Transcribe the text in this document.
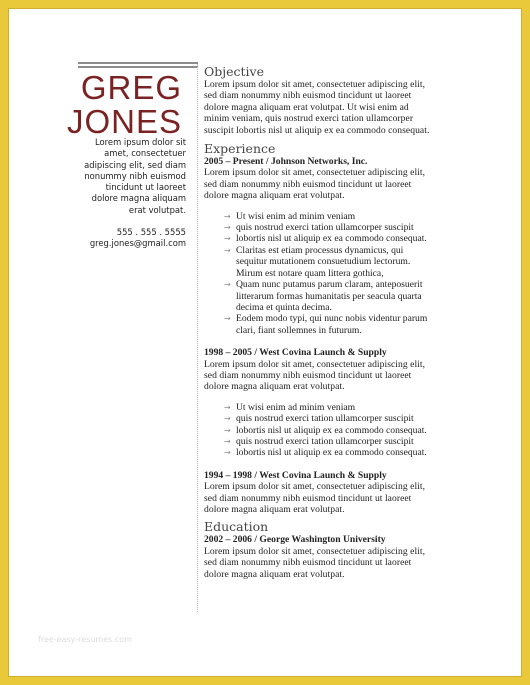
GREG
JONES
Lorem ipsum dolor sit
amet, consectetuer
adipiscing elit, sed diam
nonummy nibh euismod
tincidunt ut laoreet
dolore magna aliquam
erat volutpat.
555 . 555 . 5555
greg.jones@gmail.com

Objective

Lorem ipsum dolor sit amet, consectetuer adipiscing elit,

sed diam nonummy nibh euismod tincidunt ut laoreet

dolore magna aliquam erat volutpat. Ut wisi enim ad

minim veniam, quis nostrud exerci tation ullamcorper

suscipit lobortis nisl ut aliquip ex ea commodo consequat.

Experience

2005 – Present / Johnson Networks, Inc.

Lorem ipsum dolor sit amet, consectetuer adipiscing elit,

sed diam nonummy nibh euismod tincidunt ut laoreet

dolore magna aliquam erat volutpat.

→ Ut wisi enim ad minim veniam
→ quis nostrud exerci tation ullamcorper suscipit
→ lobortis nisl ut aliquip ex ea commodo consequat.
→ Claritas est etiam processus dynamicus, qui
sequitur mutationem consuetudium lectorum.
Mirum est notare quam littera gothica,
→ Quam nunc putamus parum claram, anteposuerit
litterarum formas humanitatis per seacula quarta
decima et quinta decima.
→ Eodem modo typi, qui nunc nobis videntur parum
clari, fiant sollemnes in futurum.

1998 – 2005 / West Covina Launch & Supply

Lorem ipsum dolor sit amet, consectetuer adipiscing elit,

sed diam nonummy nibh euismod tincidunt ut laoreet

dolore magna aliquam erat volutpat.

→ Ut wisi enim ad minim veniam
→ quis nostrud exerci tation ullamcorper suscipit
→ lobortis nisl ut aliquip ex ea commodo consequat.
→ quis nostrud exerci tation ullamcorper suscipit
→ lobortis nisl ut aliquip ex ea commodo consequat.

1994 – 1998 / West Covina Launch & Supply

Lorem ipsum dolor sit amet, consectetuer adipiscing elit,

sed diam nonummy nibh euismod tincidunt ut laoreet

dolore magna aliquam erat volutpat.

Education

2002 – 2006 / George Washington University

Lorem ipsum dolor sit amet, consectetuer adipiscing elit,

sed diam nonummy nibh euismod tincidunt ut laoreet

dolore magna aliquam erat volutpat.

free-easy-resumes.com
